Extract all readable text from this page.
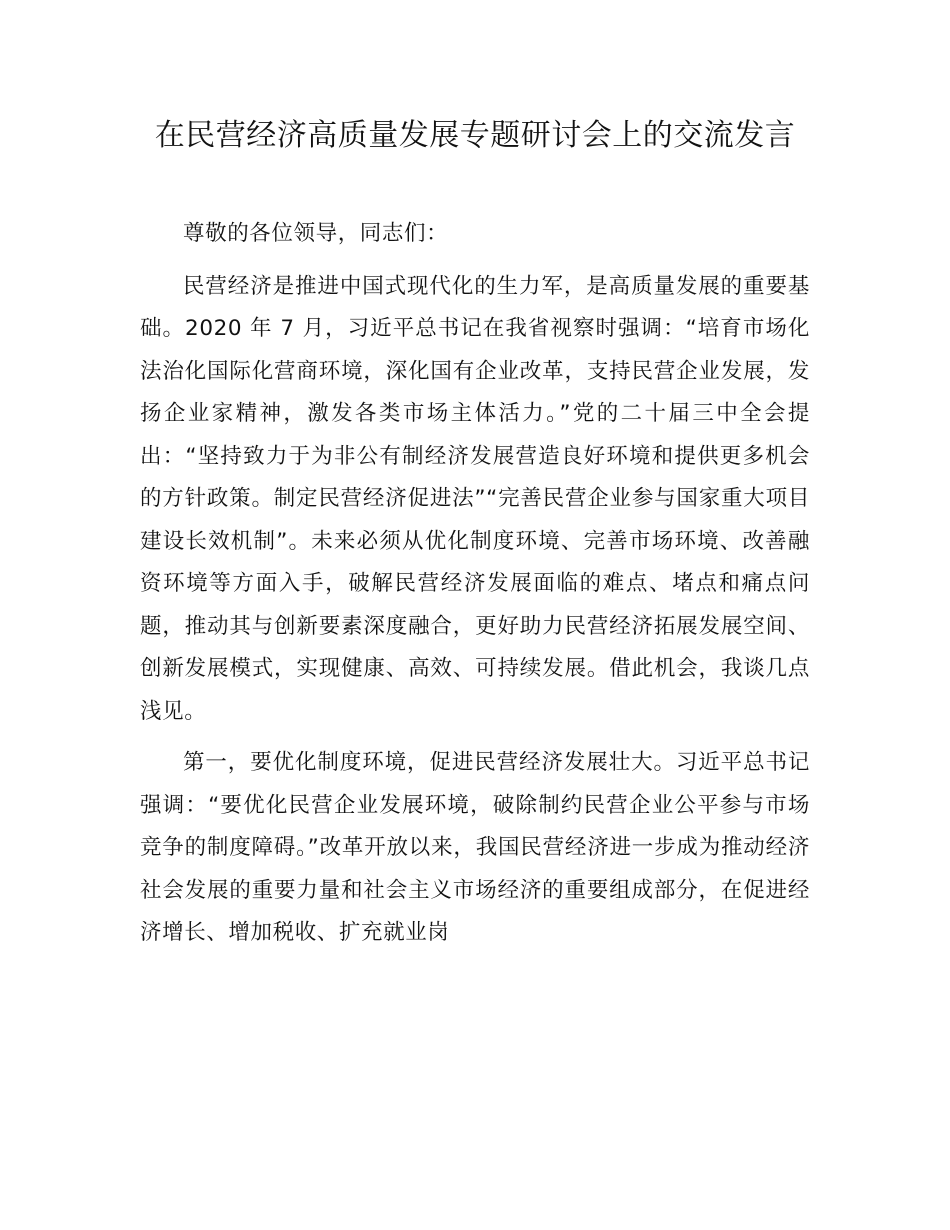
在民营经济高质量发展专题研讨会上的交流发言

尊敬的各位领导，同志们：

民营经济是推进中国式现代化的生力军，是高质量发展的重要基础。2020 年 7 月，习近平总书记在我省视察时强调：“培育市场化法治化国际化营商环境，深化国有企业改革，支持民营企业发展，发扬企业家精神，激发各类市场主体活力。”党的二十届三中全会提出：“坚持致力于为非公有制经济发展营造良好环境和提供更多机会的方针政策。制定民营经济促进法”“完善民营企业参与国家重大项目建设长效机制”。未来必须从优化制度环境、完善市场环境、改善融资环境等方面入手，破解民营经济发展面临的难点、堵点和痛点问题，推动其与创新要素深度融合，更好助力民营经济拓展发展空间、创新发展模式，实现健康、高效、可持续发展。借此机会，我谈几点浅见。

第一，要优化制度环境，促进民营经济发展壮大。习近平总书记强调：“要优化民营企业发展环境，破除制约民营企业公平参与市场竞争的制度障碍。”改革开放以来，我国民营经济进一步成为推动经济社会发展的重要力量和社会主义市场经济的重要组成部分，在促进经济增长、增加税收、扩充就业岗
